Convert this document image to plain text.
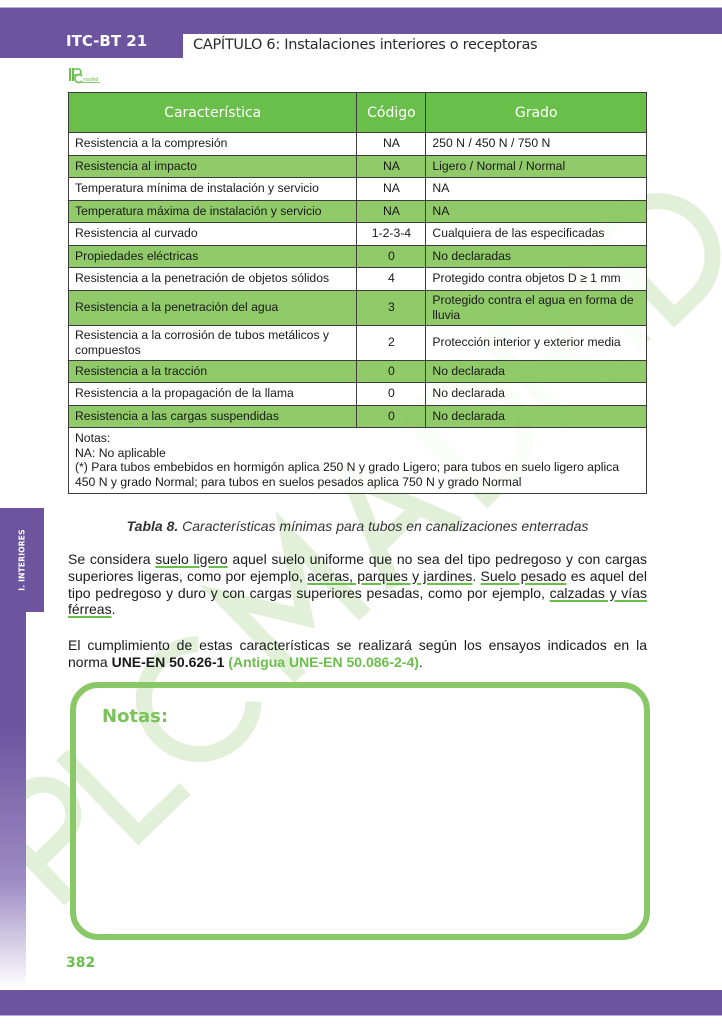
ITC-BT 21	CAPÍTULO 6: Instalaciones interiores o receptoras
madrid
I. INTERIORES
Característica	Código	Grado
Resistencia a la compresión	NA	250 N / 450 N / 750 N
Resistencia al impacto	NA	Ligero / Normal / Normal
Temperatura mínima de instalación y servicio	NA	NA
Temperatura máxima de instalación y servicio	NA	NA
Resistencia al curvado	1-2-3-4	Cualquiera de las especificadas
Propiedades eléctricas	0	No declaradas
Resistencia a la penetración de objetos sólidos	4	Protegido contra objetos D ≥ 1 mm
Resistencia a la penetración del agua	3	Protegido contra el agua en forma de lluvia
Resistencia a la corrosión de tubos metálicos y compuestos	2	Protección interior y exterior media
Resistencia a la tracción	0	No declarada
Resistencia a la propagación de la llama	0	No declarada
Resistencia a las cargas suspendidas	0	No declarada

Notas:
NA: No aplicable
(*) Para tubos embebidos en hormigón aplica 250 N y grado Ligero; para tubos en suelo ligero aplica 450 N y grado Normal; para tubos en suelos pesados aplica 750 N y grado Normal		
Tabla 8. Características mínimas para tubos en canalizaciones enterradas
Se considera suelo ligero aquel suelo uniforme que no sea del tipo pedregoso y con cargas superiores ligeras, como por ejemplo, aceras, parques y jardines. Suelo pesado es aquel del tipo pedregoso y duro y con cargas superiores pesadas, como por ejemplo, calzadas y vías férreas.
El cumplimiento de estas características se realizará según los ensayos indicados en la norma UNE-EN 50.626-1 (Antigua UNE-EN 50.086-2-4).
Notas:
382
